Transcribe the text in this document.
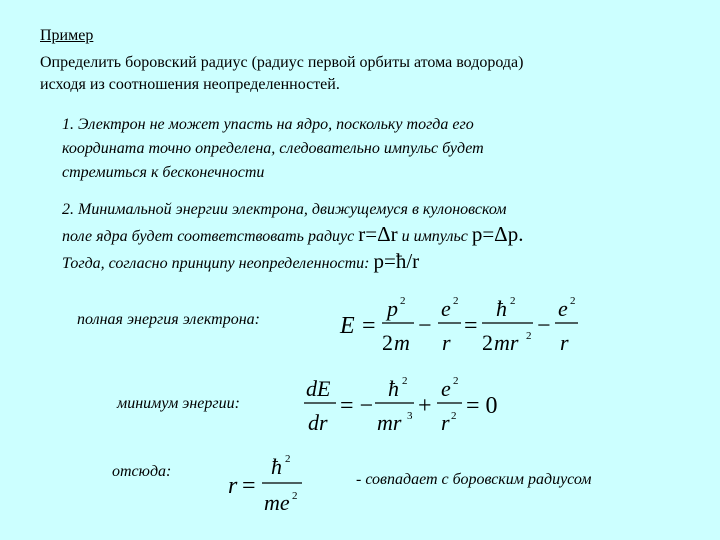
Пример
Определить боровский радиус (радиус первой орбиты атома водорода)
исходя из соотношения неопределенностей.
1. Электрон не может упасть на ядро, поскольку тогда его
координата точно определена, следовательно импульс будет
стремиться к бесконечности
2. Минимальной энергии электрона, движущемуся в кулоновском
поле ядра будет соответствовать радиус r=Δr и импульс p=Δp.
Тогда, согласно принципу неопределенности: p=ħ/r
полная энергия электрона:	E =
p 2
2 m
−
e 2
r
=
ħ 2
2 mr 2 −
e 2
r
минимум энергии:
dE
dr
= −
ħ 2
mr 3 +
e 2
r 2 = 0
отсюда:
r =
ħ 2
me 2
- совпадает с боровским радиусом
